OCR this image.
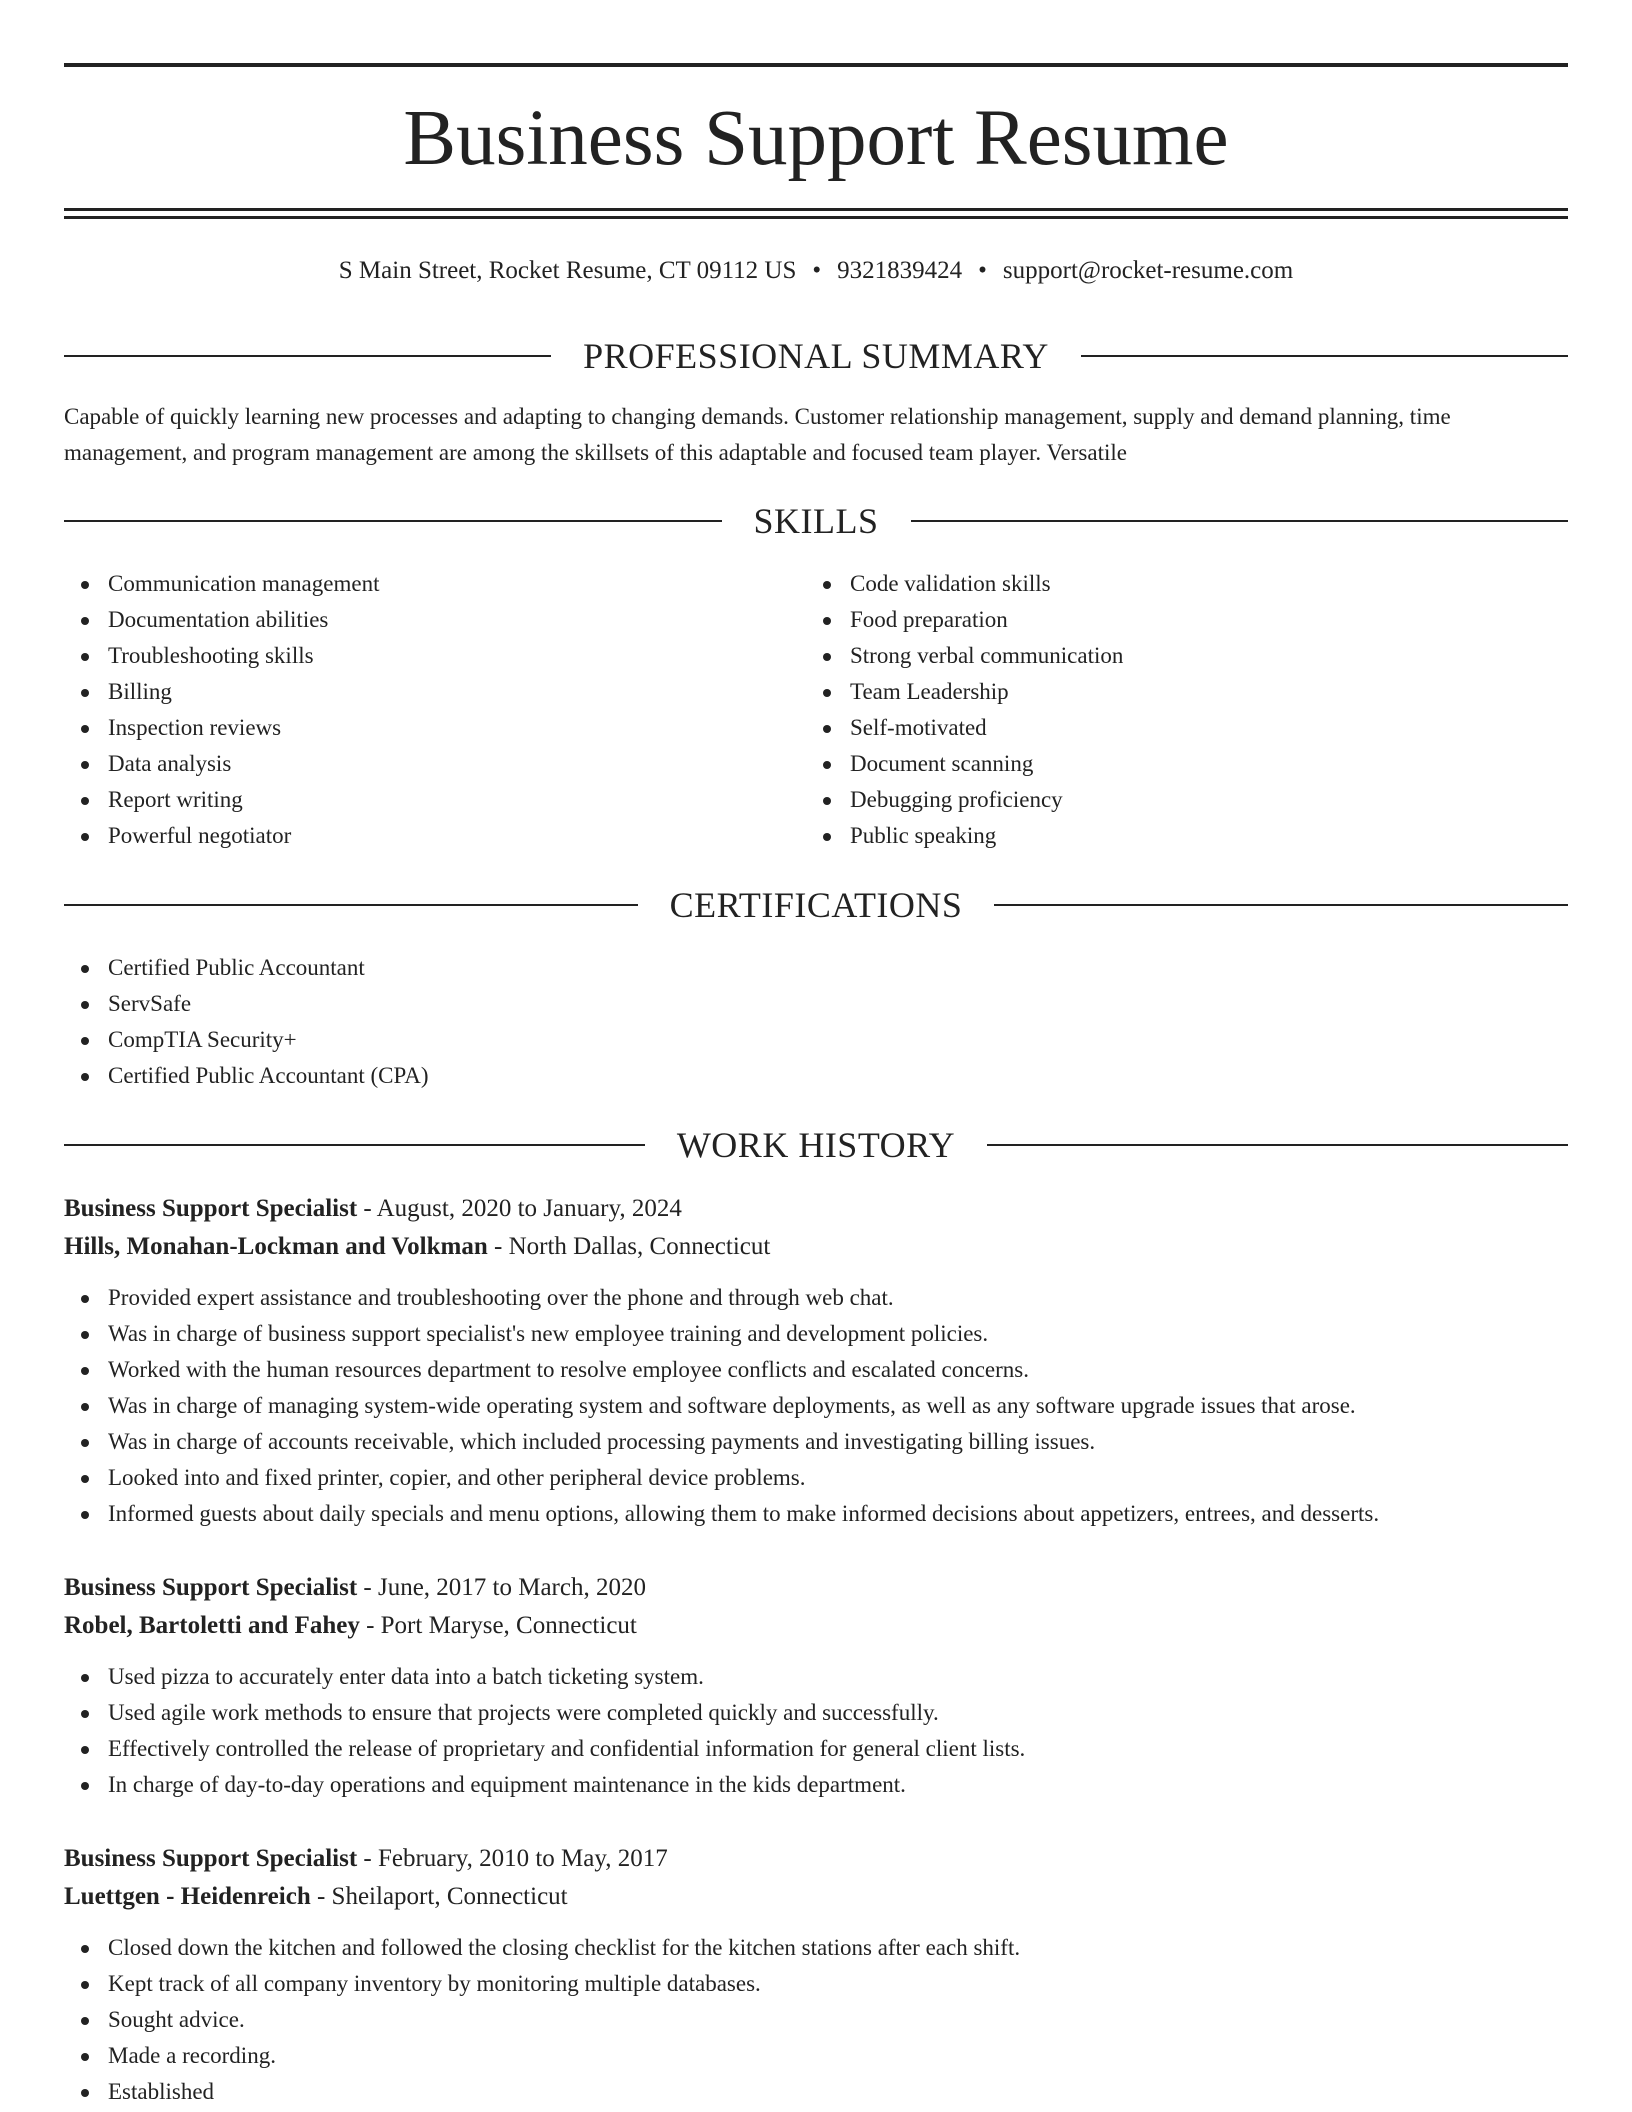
Business Support Resume
S Main Street, Rocket Resume, CT 09112 US • 9321839424 • support@rocket-resume.com
PROFESSIONAL SUMMARY

Capable of quickly learning new processes and adapting to changing demands. Customer relationship management, supply and demand planning, time management, and program management are among the skillsets of this adaptable and focused team player. Versatile

SKILLS
Communication management
Documentation abilities
Troubleshooting skills
Billing
Inspection reviews
Data analysis
Report writing
Powerful negotiator
Code validation skills
Food preparation
Strong verbal communication
Team Leadership
Self-motivated
Document scanning
Debugging proficiency
Public speaking
CERTIFICATIONS
Certified Public Accountant
ServSafe
CompTIA Security+
Certified Public Accountant (CPA)
WORK HISTORY
Business Support Specialist - August, 2020 to January, 2024
Hills, Monahan-Lockman and Volkman - North Dallas, Connecticut
Provided expert assistance and troubleshooting over the phone and through web chat.
Was in charge of business support specialist's new employee training and development policies.
Worked with the human resources department to resolve employee conflicts and escalated concerns.
Was in charge of managing system-wide operating system and software deployments, as well as any software upgrade issues that arose.
Was in charge of accounts receivable, which included processing payments and investigating billing issues.
Looked into and fixed printer, copier, and other peripheral device problems.
Informed guests about daily specials and menu options, allowing them to make informed decisions about appetizers, entrees, and desserts.
Business Support Specialist - June, 2017 to March, 2020
Robel, Bartoletti and Fahey - Port Maryse, Connecticut
Used pizza to accurately enter data into a batch ticketing system.
Used agile work methods to ensure that projects were completed quickly and successfully.
Effectively controlled the release of proprietary and confidential information for general client lists.
In charge of day-to-day operations and equipment maintenance in the kids department.
Business Support Specialist - February, 2010 to May, 2017
Luettgen - Heidenreich - Sheilaport, Connecticut
Closed down the kitchen and followed the closing checklist for the kitchen stations after each shift.
Kept track of all company inventory by monitoring multiple databases.
Sought advice.
Made a recording.
Established
